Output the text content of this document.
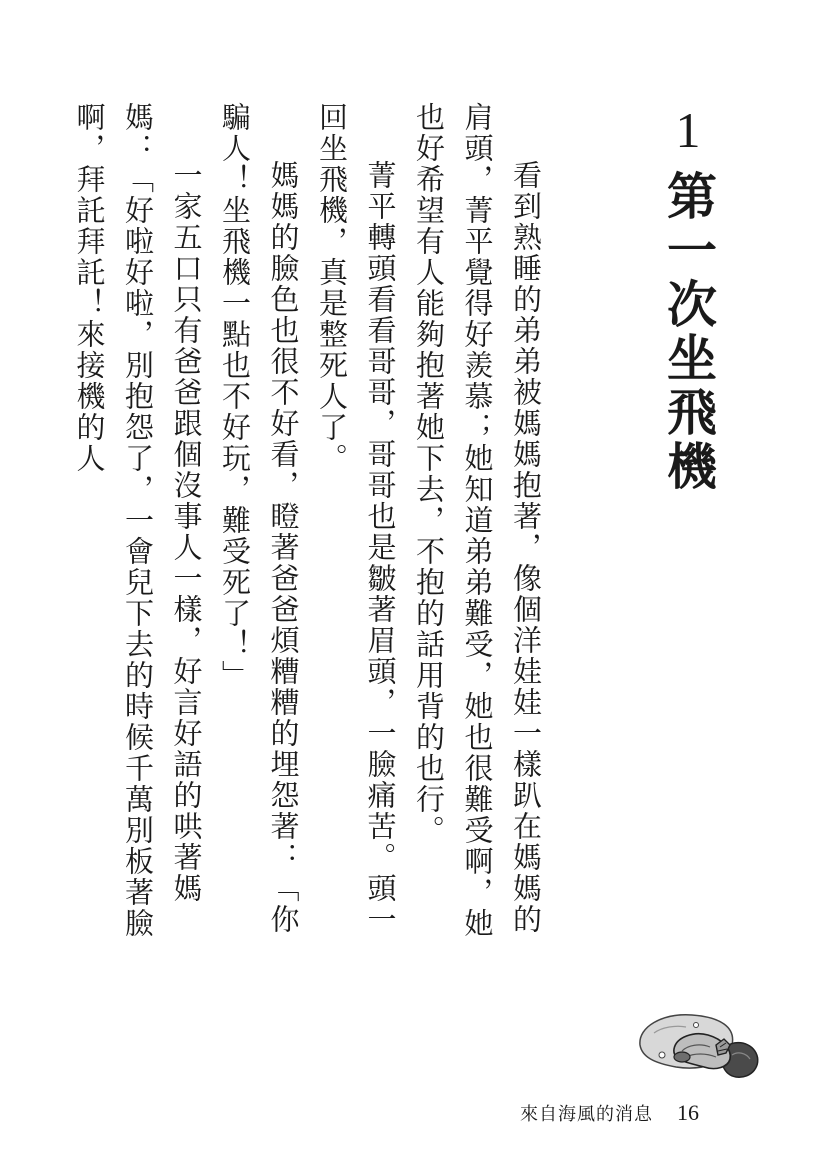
1
第一次坐飛機

看到熟睡的弟弟被媽媽抱著，像個洋娃娃一樣趴在媽媽的肩頭，菁平覺得好羨慕；她知道弟弟難受，她也很難受啊，她也好希望有人能夠抱著她下去，不抱的話用背的也行。

菁平轉頭看看哥哥，哥哥也是皺著眉頭，一臉痛苦。頭一回坐飛機，真是整死人了。

媽媽的臉色也很不好看，瞪著爸爸煩糟糟的埋怨著：「你騙人！坐飛機一點也不好玩，難受死了！」

一家五口只有爸爸跟個沒事人一樣，好言好語的哄著媽媽：「好啦好啦，別抱怨了，一會兒下去的時候千萬別板著臉啊，拜託拜託！來接機的人

來自海風的消息 16
